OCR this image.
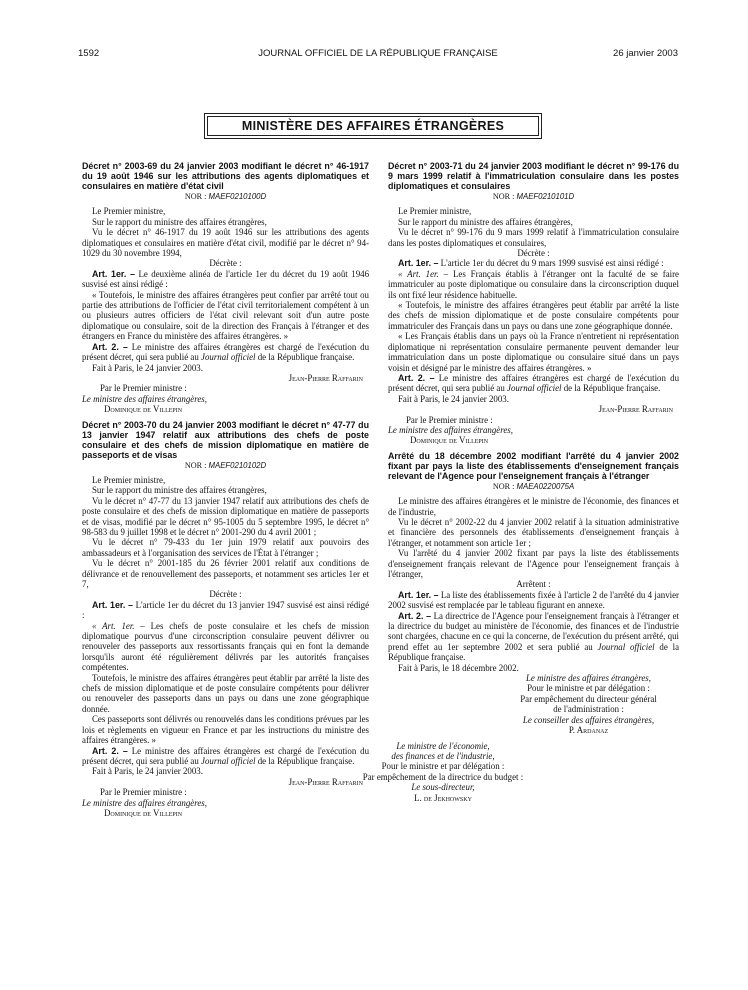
1592	JOURNAL OFFICIEL DE LA RÉPUBLIQUE FRANÇAISE	26 janvier 2003
MINISTÈRE DES AFFAIRES ÉTRANGÈRES
Décret n° 2003-69 du 24 janvier 2003 modifiant le décret n° 46-1917 du 19 août 1946 sur les attributions des agents diplomatiques et consulaires en matière d'état civil
NOR : MAEF0210100D

Le Premier ministre,

Sur le rapport du ministre des affaires étrangères,

Vu le décret n° 46-1917 du 19 août 1946 sur les attributions des agents diplomatiques et consulaires en matière d'état civil, modifié par le décret n° 94-1029 du 30 novembre 1994,

Décrète :

Art. 1er. – Le deuxième alinéa de l'article 1er du décret du 19 août 1946 susvisé est ainsi rédigé :

« Toutefois, le ministre des affaires étrangères peut confier par arrêté tout ou partie des attributions de l'officier de l'état civil territorialement compétent à un ou plusieurs autres officiers de l'état civil relevant soit d'un autre poste diplomatique ou consulaire, soit de la direction des Français à l'étranger et des étrangers en France du ministère des affaires étrangères. »

Art. 2. – Le ministre des affaires étrangères est chargé de l'exécution du présent décret, qui sera publié au Journal officiel de la République française.

Fait à Paris, le 24 janvier 2003.

Jean-Pierre Raffarin

Par le Premier ministre :

Le ministre des affaires étrangères,

Dominique de Villepin

Décret n° 2003-70 du 24 janvier 2003 modifiant le décret n° 47-77 du 13 janvier 1947 relatif aux attributions des chefs de poste consulaire et des chefs de mission diplomatique en matière de passeports et de visas
NOR : MAEF0210102D

Le Premier ministre,

Sur le rapport du ministre des affaires étrangères,

Vu le décret n° 47-77 du 13 janvier 1947 relatif aux attributions des chefs de poste consulaire et des chefs de mission diplomatique en matière de passeports et de visas, modifié par le décret n° 95-1005 du 5 septembre 1995, le décret n° 98-583 du 9 juillet 1998 et le décret n° 2001-290 du 4 avril 2001 ;

Vu le décret n° 79-433 du 1er juin 1979 relatif aux pouvoirs des ambassadeurs et à l'organisation des services de l'État à l'étranger ;

Vu le décret n° 2001-185 du 26 février 2001 relatif aux conditions de délivrance et de renouvellement des passeports, et notamment ses articles 1er et 7,

Décrète :

Art. 1er. – L'article 1er du décret du 13 janvier 1947 susvisé est ainsi rédigé :

« Art. 1er. – Les chefs de poste consulaire et les chefs de mission diplomatique pourvus d'une circonscription consulaire peuvent délivrer ou renouveler des passeports aux ressortissants français qui en font la demande lorsqu'ils auront été régulièrement délivrés par les autorités françaises compétentes.

Toutefois, le ministre des affaires étrangères peut établir par arrêté la liste des chefs de mission diplomatique et de poste consulaire compétents pour délivrer ou renouveler des passeports dans un pays ou dans une zone géographique donnée.

Ces passeports sont délivrés ou renouvelés dans les conditions prévues par les lois et règlements en vigueur en France et par les instructions du ministre des affaires étrangères. »

Art. 2. – Le ministre des affaires étrangères est chargé de l'exécution du présent décret, qui sera publié au Journal officiel de la République française.

Fait à Paris, le 24 janvier 2003.

Jean-Pierre Raffarin

Par le Premier ministre :

Le ministre des affaires étrangères,

Dominique de Villepin

Décret n° 2003-71 du 24 janvier 2003 modifiant le décret n° 99-176 du 9 mars 1999 relatif à l'immatriculation consulaire dans les postes diplomatiques et consulaires
NOR : MAEF0210101D

Le Premier ministre,

Sur le rapport du ministre des affaires étrangères,

Vu le décret n° 99-176 du 9 mars 1999 relatif à l'immatriculation consulaire dans les postes diplomatiques et consulaires,

Décrète :

Art. 1er. – L'article 1er du décret du 9 mars 1999 susvisé est ainsi rédigé :

« Art. 1er. – Les Français établis à l'étranger ont la faculté de se faire immatriculer au poste diplomatique ou consulaire dans la circonscription duquel ils ont fixé leur résidence habituelle.

« Toutefois, le ministre des affaires étrangères peut établir par arrêté la liste des chefs de mission diplomatique et de poste consulaire compétents pour immatriculer des Français dans un pays ou dans une zone géographique donnée.

« Les Français établis dans un pays où la France n'entretient ni représentation diplomatique ni représentation consulaire permanente peuvent demander leur immatriculation dans un poste diplomatique ou consulaire situé dans un pays voisin et désigné par le ministre des affaires étrangères. »

Art. 2. – Le ministre des affaires étrangères est chargé de l'exécution du présent décret, qui sera publié au Journal officiel de la République française.

Fait à Paris, le 24 janvier 2003.

Jean-Pierre Raffarin

Par le Premier ministre :

Le ministre des affaires étrangères,

Dominique de Villepin

Arrêté du 18 décembre 2002 modifiant l'arrêté du 4 janvier 2002 fixant par pays la liste des établissements d'enseignement français relevant de l'Agence pour l'enseignement français à l'étranger
NOR : MAEA0220075A

Le ministre des affaires étrangères et le ministre de l'économie, des finances et de l'industrie,

Vu le décret n° 2002-22 du 4 janvier 2002 relatif à la situation administrative et financière des personnels des établissements d'enseignement français à l'étranger, et notamment son article 1er ;

Vu l'arrêté du 4 janvier 2002 fixant par pays la liste des établissements d'enseignement français relevant de l'Agence pour l'enseignement français à l'étranger,

Arrêtent :

Art. 1er. – La liste des établissements fixée à l'article 2 de l'arrêté du 4 janvier 2002 susvisé est remplacée par le tableau figurant en annexe.

Art. 2. – La directrice de l'Agence pour l'enseignement français à l'étranger et la directrice du budget au ministère de l'économie, des finances et de l'industrie sont chargées, chacune en ce qui la concerne, de l'exécution du présent arrêté, qui prend effet au 1er septembre 2002 et sera publié au Journal officiel de la République française.

Fait à Paris, le 18 décembre 2002.

Le ministre des affaires étrangères,

Pour le ministre et par délégation :

Par empêchement du directeur général

de l'administration :

Le conseiller des affaires étrangères,

P. Ardanaz

Le ministre de l'économie,

des finances et de l'industrie,

Pour le ministre et par délégation :

Par empêchement de la directrice du budget :

Le sous-directeur,

L. de Jekhowsky
